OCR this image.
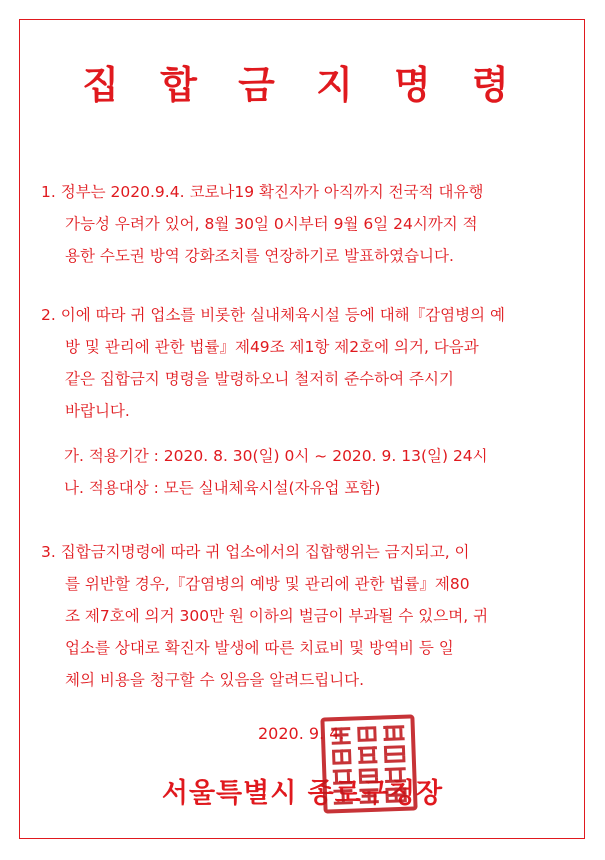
집 합 금 지 명 령
1. 정부는 2020.9.4. 코로나19 확진자가 아직까지 전국적 대유행
가능성 우려가 있어, 8월 30일 0시부터 9월 6일 24시까지 적
용한 수도권 방역 강화조치를 연장하기로 발표하였습니다.
2. 이에 따라 귀 업소를 비롯한 실내체육시설 등에 대해『감염병의 예
방 및 관리에 관한 법률』제49조 제1항 제2호에 의거, 다음과
같은 집합금지 명령을 발령하오니 철저히 준수하여 주시기
바랍니다.
가. 적용기간 : 2020. 8. 30(일) 0시 ~ 2020. 9. 13(일) 24시
나. 적용대상 : 모든 실내체육시설(자유업 포함)
3. 집합금지명령에 따라 귀 업소에서의 집합행위는 금지되고, 이
를 위반할 경우,『감염병의 예방 및 관리에 관한 법률』제80
조 제7호에 의거 300만 원 이하의 벌금이 부과될 수 있으며, 귀
업소를 상대로 확진자 발생에 따른 치료비 및 방역비 등 일
체의 비용을 청구할 수 있음을 알려드립니다.
2020. 9. 4.
서울특별시 종로구청장
